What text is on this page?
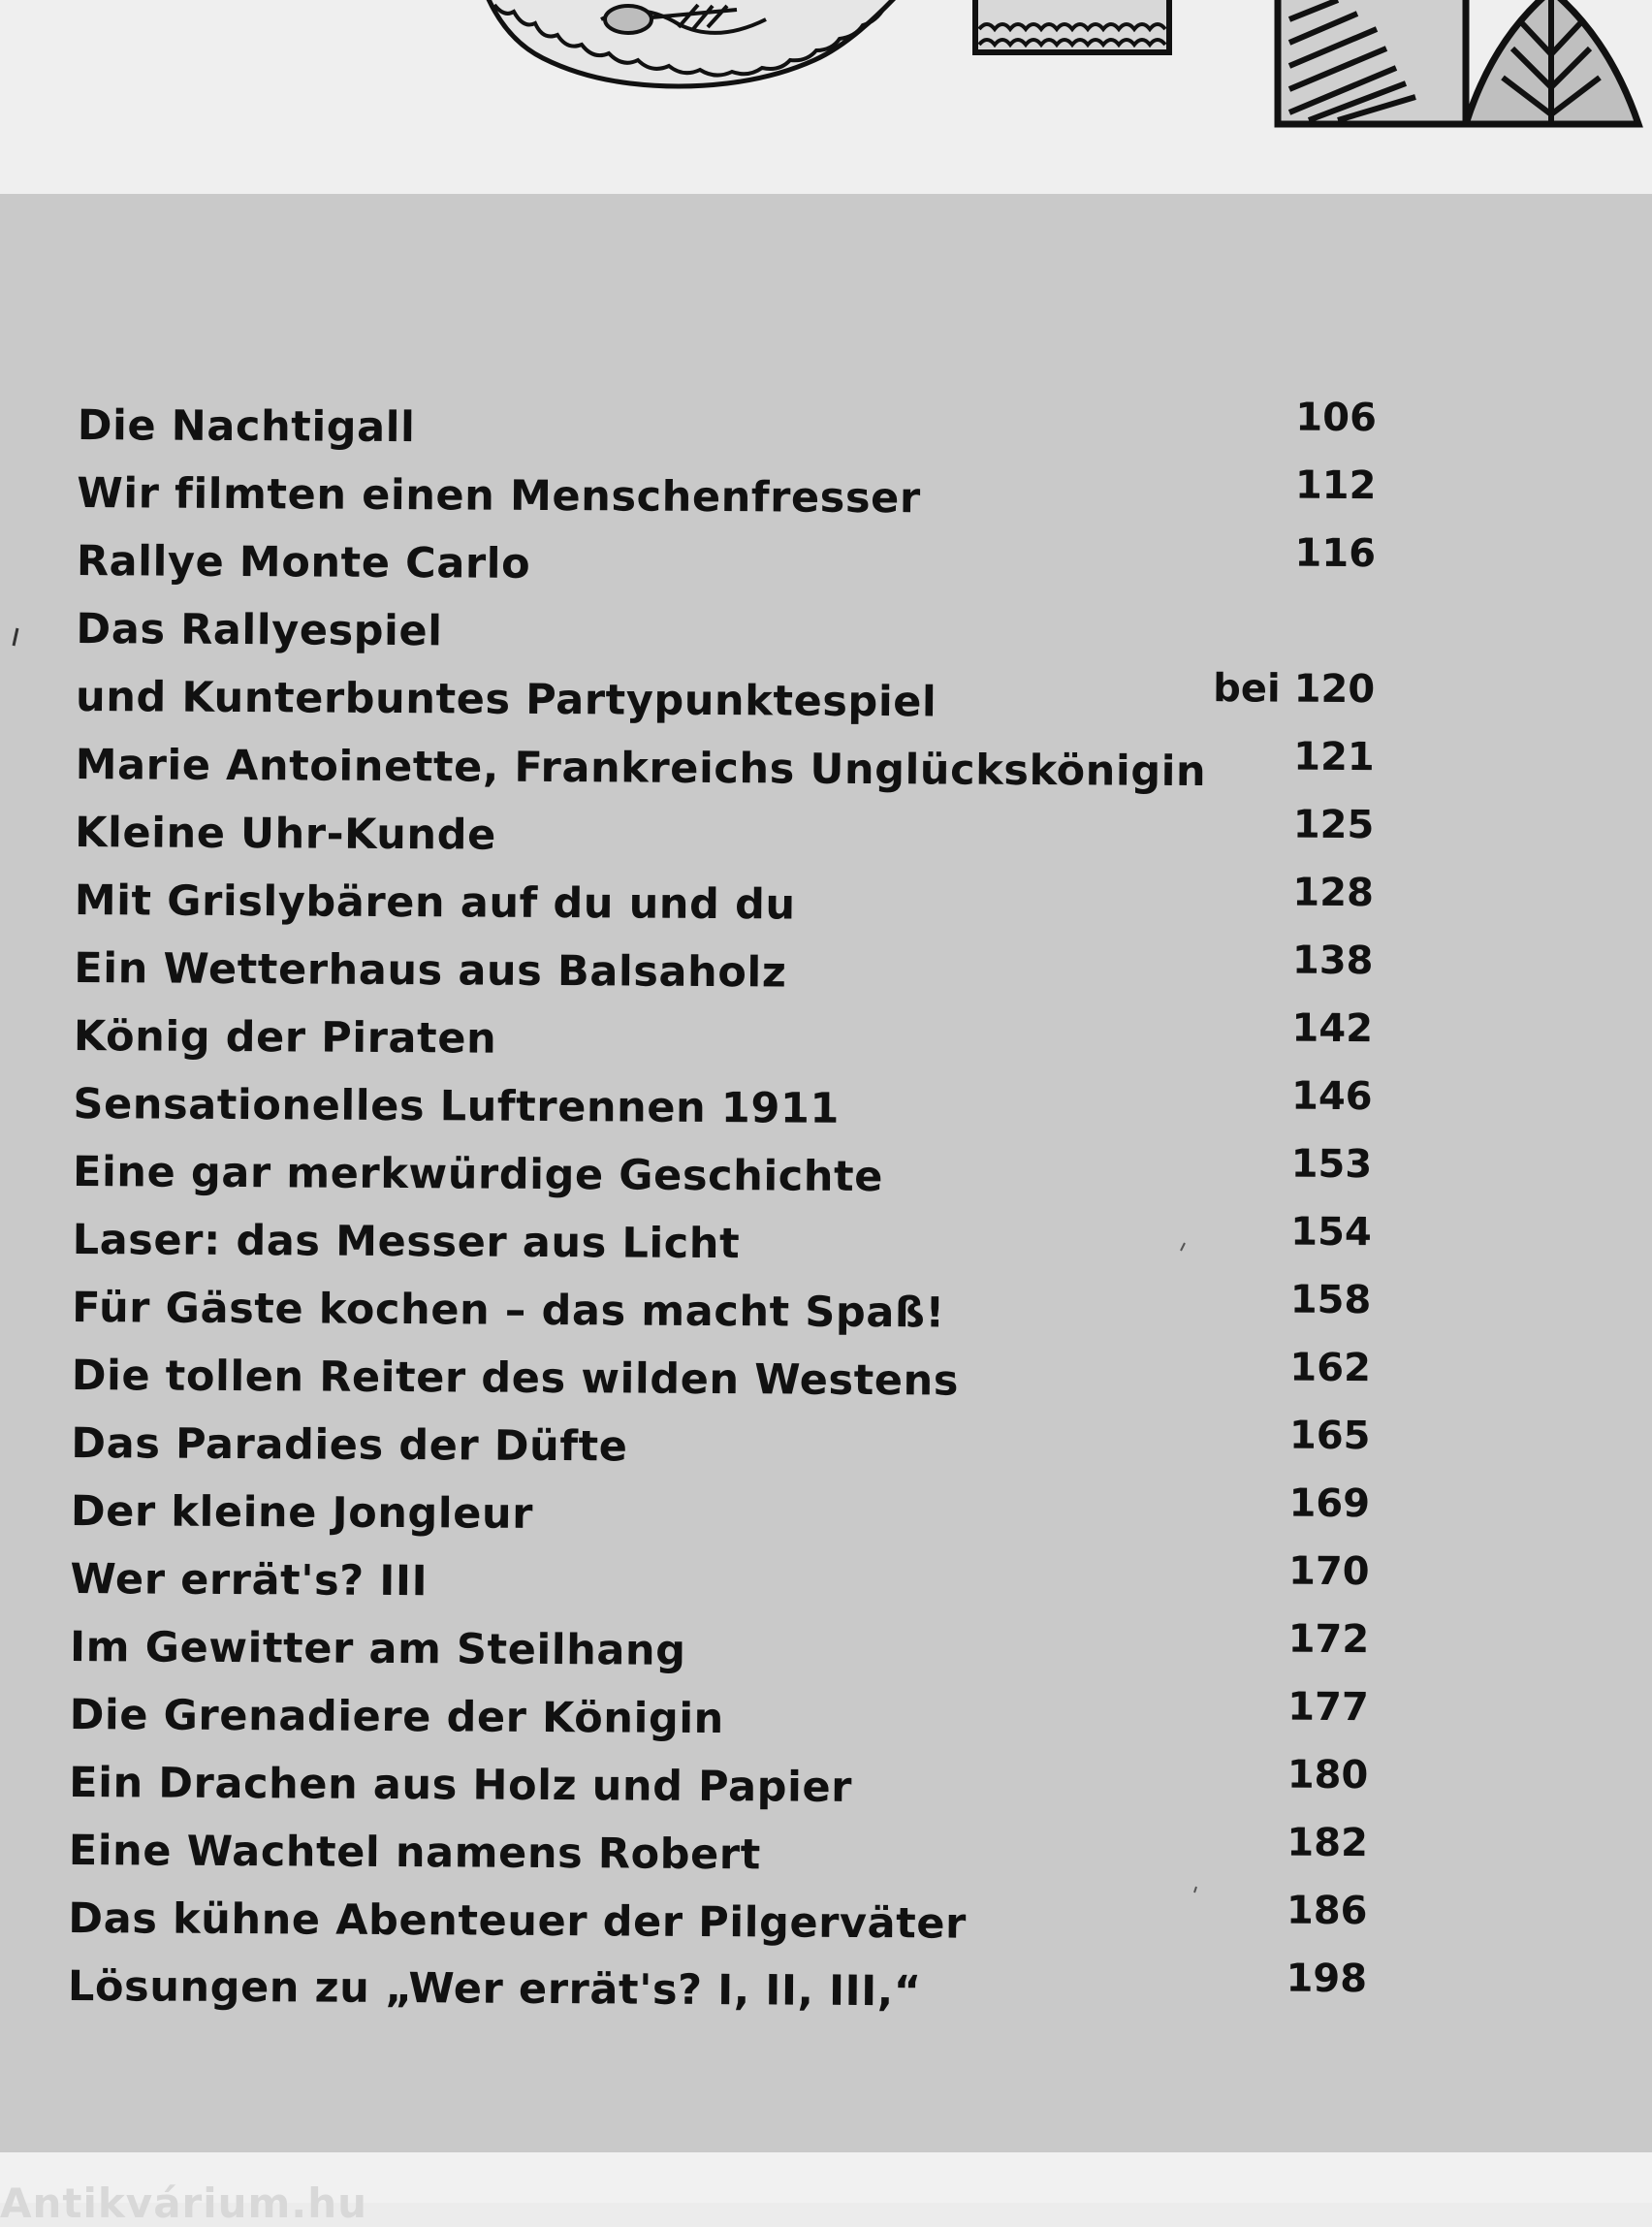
Die Nachtigall	106
Wir filmten einen Menschenfresser	112
Rallye Monte Carlo	116
Das Rallyespiel
und Kunterbuntes Partypunktespiel	bei 120
Marie Antoinette, Frankreichs Unglückskönigin 121
Kleine Uhr-Kunde	125
Mit Grislybären auf du und du	128
Ein Wetterhaus aus Balsaholz	138
König der Piraten	142
Sensationelles Luftrennen 1911	146
Eine gar merkwürdige Geschichte	153
Laser: das Messer aus Licht	154
Für Gäste kochen – das macht Spaß!	158
Die tollen Reiter des wilden Westens	162
Das Paradies der Düfte	165
Der kleine Jongleur	169
Wer errät's? III	170
Im Gewitter am Steilhang	172
Die Grenadiere der Königin	177
Ein Drachen aus Holz und Papier	180
Eine Wachtel namens Robert	182
Das kühne Abenteuer der Pilgerväter	186
Lösungen zu „Wer errät's? I, II, III,“	198
Antikvárium.hu
